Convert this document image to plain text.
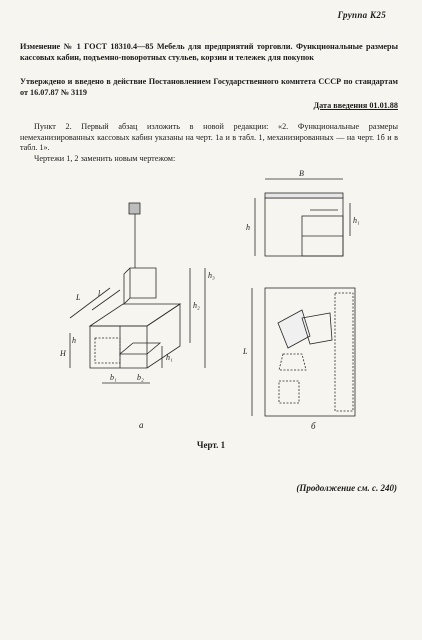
Группа К25

Изменение № 1 ГОСТ 18310.4—85 Мебель для предприятий торговли. Функциональные размеры кассовых кабин, подъемно-поворотных стульев, корзин и тележек для покупок

Утверждено и введено в действие Постановлением Государственного комитета СССР по стандартам от 16.07.87 № 3119

Дата введения 01.01.88

Пункт 2. Первый абзац изложить в новой редакции: «2. Функциональные размеры немеханизированных кассовых кабин указаны на черт. 1а и в табл. 1, механизированных — на черт. 1б и в табл. 1».

Чертежи 1, 2 заменить новым чертежом:

L l
H
h
h₁
h₂
h₃
b₁	b₂
B
h
h₁
L
а	б
Черт. 1
(Продолжение см. с. 240)
